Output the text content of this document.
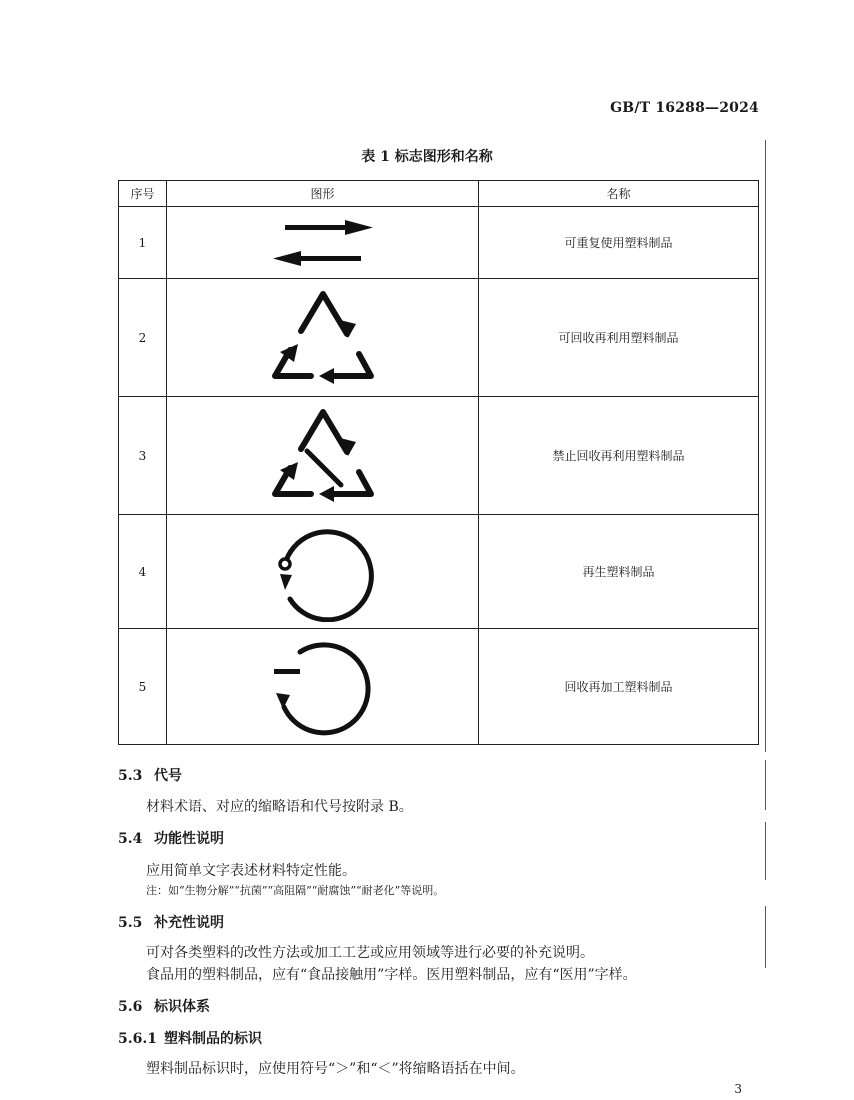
GB/T 16288—2024
表 1 标志图形和名称
序号	图形	名称
1		可重复使用塑料制品
2		可回收再利用塑料制品
3		禁止回收再利用塑料制品
4		再生塑料制品
5		回收再加工塑料制品
5.3 代号
材料术语、对应的缩略语和代号按附录 B。
5.4 功能性说明
应用简单文字表述材料特定性能。
注：如“生物分解”“抗菌”“高阻隔”“耐腐蚀”“耐老化”等说明。
5.5 补充性说明
可对各类塑料的改性方法或加工工艺或应用领域等进行必要的补充说明。
食品用的塑料制品，应有“食品接触用”字样。医用塑料制品，应有“医用”字样。
5.6 标识体系
5.6.1 塑料制品的标识
塑料制品标识时，应使用符号“＞”和“＜”将缩略语括在中间。
3
